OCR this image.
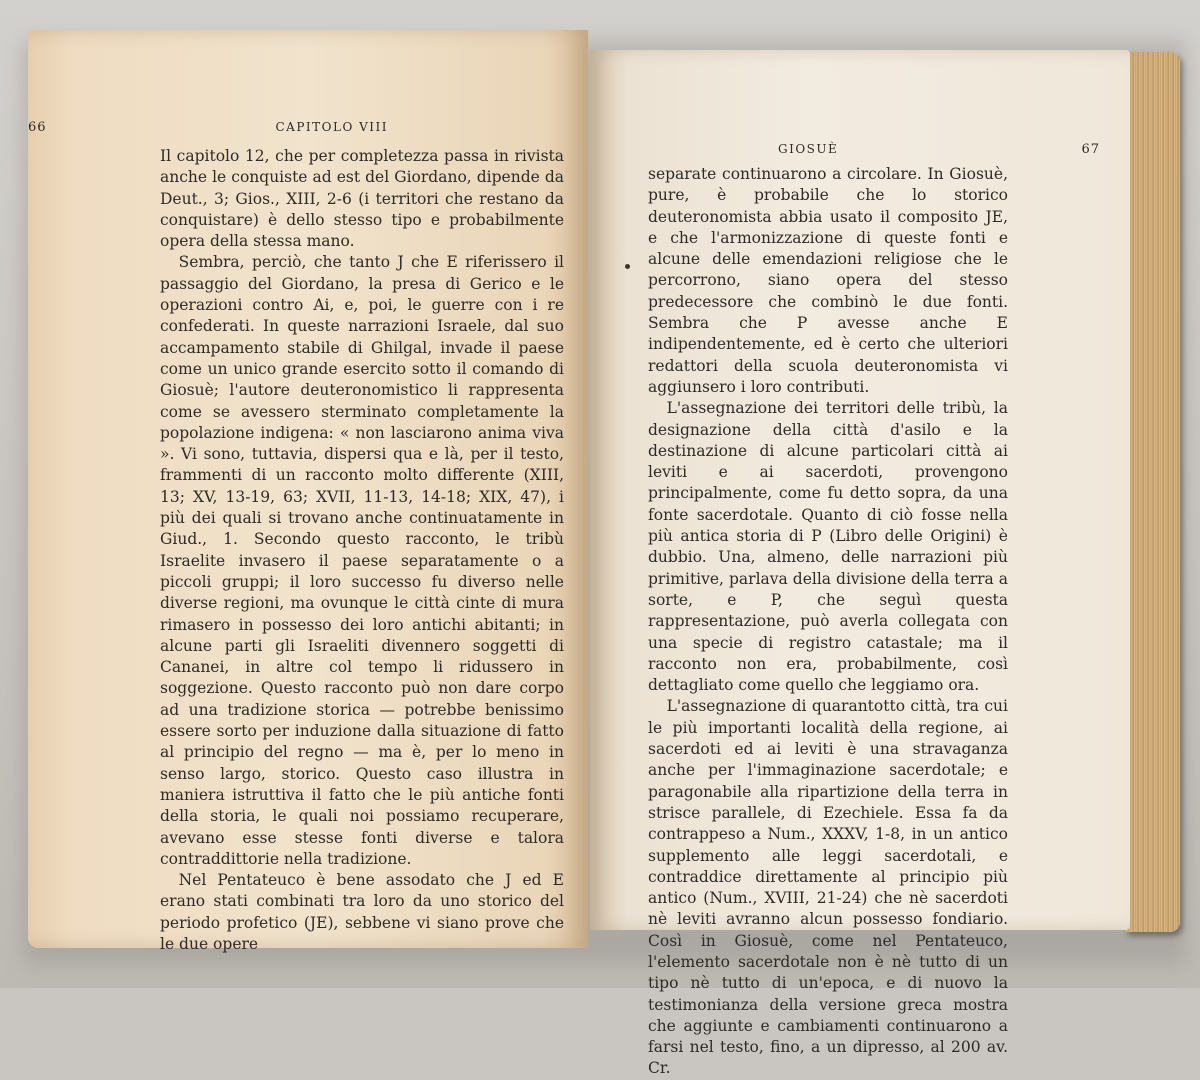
66	CAPITOLO VIII

Il capitolo 12, che per completezza passa in rivista anche le conquiste ad est del Giordano, dipende da Deut., 3; Gios., XIII, 2-6 (i territori che restano da conquistare) è dello stesso tipo e probabilmente opera della stessa mano.

Sembra, perciò, che tanto J che E riferissero il passaggio del Giordano, la presa di Gerico e le operazioni contro Ai, e, poi, le guerre con i re confederati. In queste narrazioni Israele, dal suo accampamento stabile di Ghilgal, invade il paese come un unico grande esercito sotto il comando di Giosuè; l'autore deuteronomistico li rappresenta come se avessero sterminato completamente la popolazione indigena: « non lasciarono anima viva ». Vi sono, tuttavia, dispersi qua e là, per il testo, frammenti di un racconto molto differente (XIII, 13; XV, 13-19, 63; XVII, 11-13, 14-18; XIX, 47), i più dei quali si trovano anche continuatamente in Giud., 1. Secondo questo racconto, le tribù Israelite invasero il paese separatamente o a piccoli gruppi; il loro successo fu diverso nelle diverse regioni, ma ovunque le città cinte di mura rimasero in possesso dei loro antichi abitanti; in alcune parti gli Israeliti divennero soggetti di Cananei, in altre col tempo li ridussero in soggezione. Questo racconto può non dare corpo ad una tradizione storica — potrebbe benissimo essere sorto per induzione dalla situazione di fatto al principio del regno — ma è, per lo meno in senso largo, storico. Questo caso illustra in maniera istruttiva il fatto che le più antiche fonti della storia, le quali noi possiamo recuperare, avevano esse stesse fonti diverse e talora contraddittorie nella tradizione.

Nel Pentateuco è bene assodato che J ed E erano stati combinati tra loro da uno storico del periodo profetico (JE), sebbene vi siano prove che le due opere

GIOSUÈ	67

separate continuarono a circolare. In Giosuè, pure, è probabile che lo storico deuteronomista abbia usato il composito JE, e che l'armonizzazione di queste fonti e alcune delle emendazioni religiose che le percorrono, siano opera del stesso predecessore che combinò le due fonti. Sembra che P avesse anche E indipendentemente, ed è certo che ulteriori redattori della scuola deuteronomista vi aggiunsero i loro contributi.

L'assegnazione dei territori delle tribù, la designazione della città d'asilo e la destinazione di alcune particolari città ai leviti e ai sacerdoti, provengono principalmente, come fu detto sopra, da una fonte sacerdotale. Quanto di ciò fosse nella più antica storia di P (Libro delle Origini) è dubbio. Una, almeno, delle narrazioni più primitive, parlava della divisione della terra a sorte, e P, che seguì questa rappresentazione, può averla collegata con una specie di registro catastale; ma il racconto non era, probabilmente, così dettagliato come quello che leggiamo ora.

L'assegnazione di quarantotto città, tra cui le più importanti località della regione, ai sacerdoti ed ai leviti è una stravaganza anche per l'immaginazione sacerdotale; e paragonabile alla ripartizione della terra in strisce parallele, di Ezechiele. Essa fa da contrappeso a Num., XXXV, 1-8, in un antico supplemento alle leggi sacerdotali, e contraddice direttamente al principio più antico (Num., XVIII, 21-24) che nè sacerdoti nè leviti avranno alcun possesso fondiario. Così in Giosuè, come nel Pentateuco, l'elemento sacerdotale non è nè tutto di un tipo nè tutto di un'epoca, e di nuovo la testimonianza della versione greca mostra che aggiunte e cambiamenti continuarono a farsi nel testo, fino, a un dipresso, al 200 av. Cr.
